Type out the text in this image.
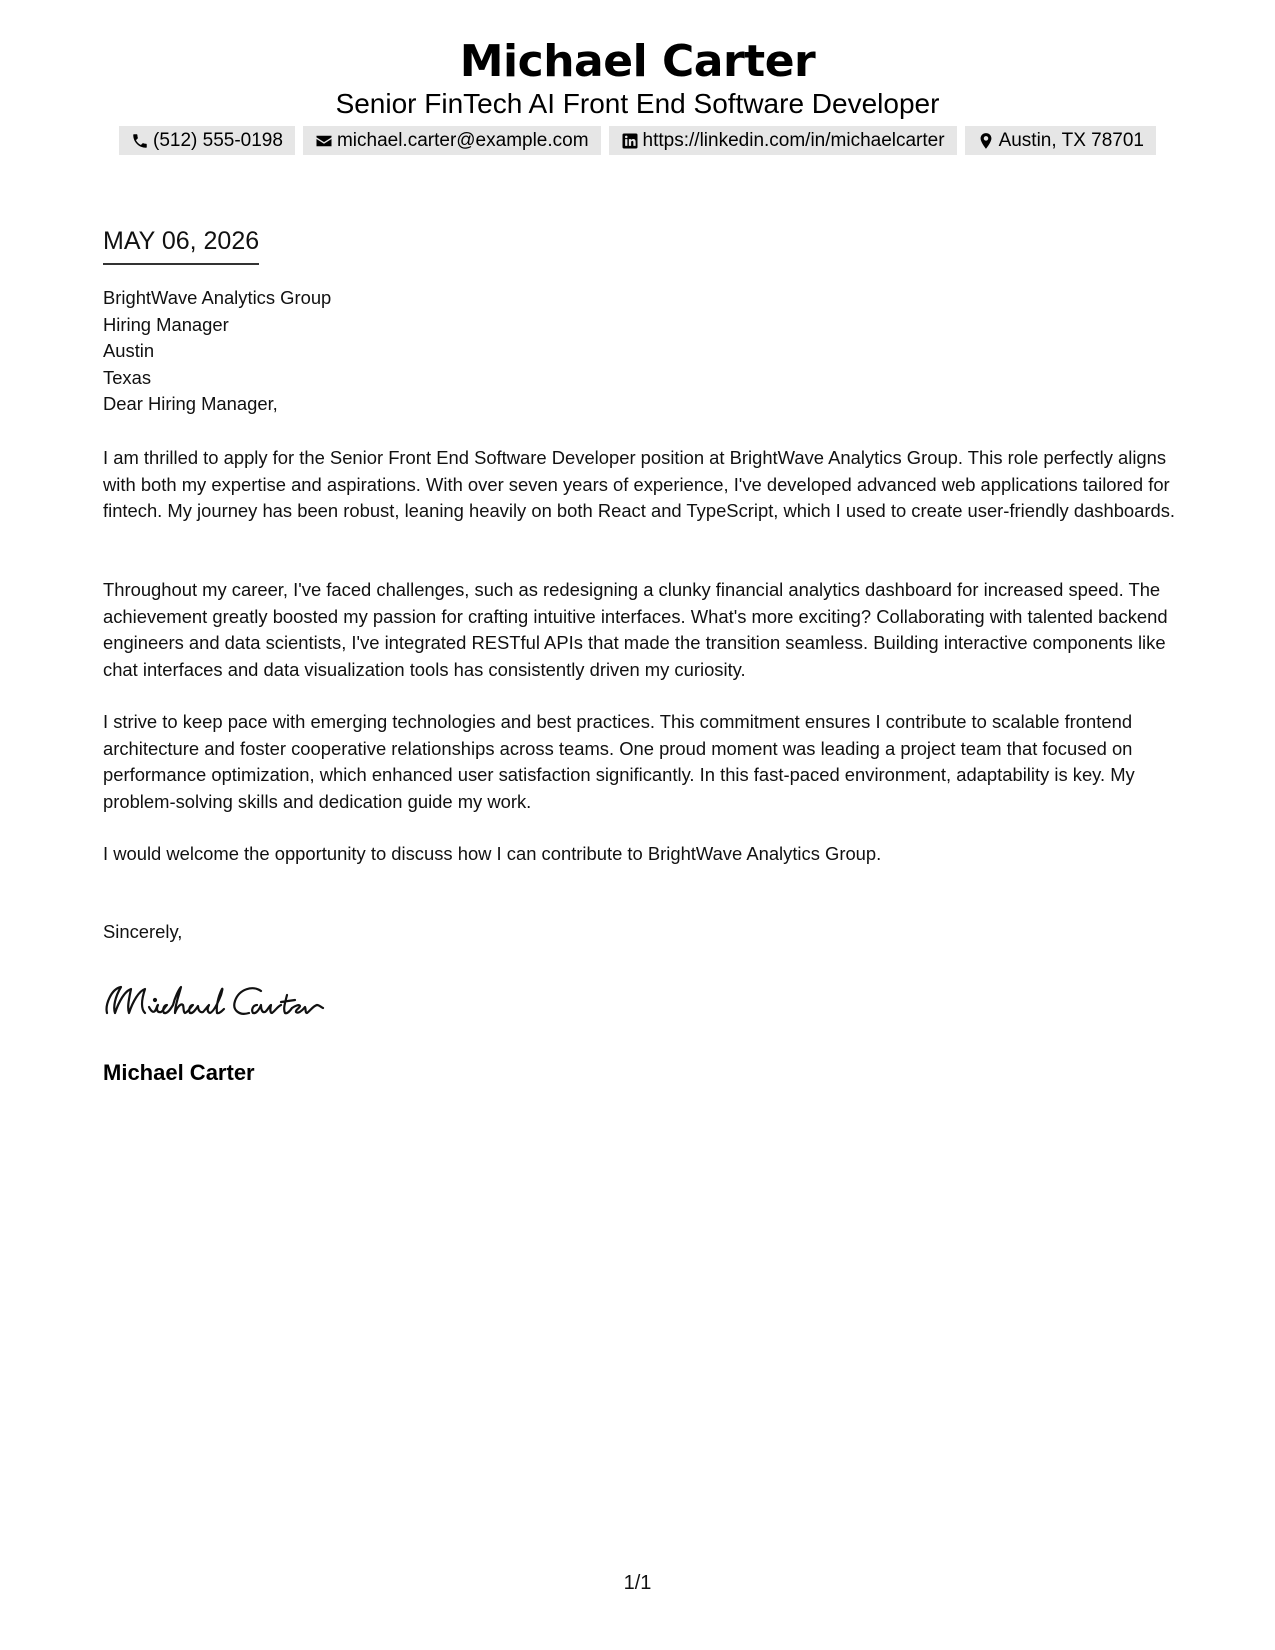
Michael Carter
Senior FinTech AI Front End Software Developer
(512) 555-0198	michael.carter@example.com	https://linkedin.com/in/michaelcarter	Austin, TX 78701
MAY 06, 2026
BrightWave Analytics Group
Hiring Manager
Austin
Texas
Dear Hiring Manager,

I am thrilled to apply for the Senior Front End Software Developer position at BrightWave Analytics Group. This role perfectly aligns with both my expertise and aspirations. With over seven years of experience, I've developed advanced web applications tailored for fintech. My journey has been robust, leaning heavily on both React and TypeScript, which I used to create user-friendly dashboards.

Throughout my career, I've faced challenges, such as redesigning a clunky financial analytics dashboard for increased speed. The achievement greatly boosted my passion for crafting intuitive interfaces. What's more exciting? Collaborating with talented backend engineers and data scientists, I've integrated RESTful APIs that made the transition seamless. Building interactive components like chat interfaces and data visualization tools has consistently driven my curiosity.

I strive to keep pace with emerging technologies and best practices. This commitment ensures I contribute to scalable frontend architecture and foster cooperative relationships across teams. One proud moment was leading a project team that focused on performance optimization, which enhanced user satisfaction significantly. In this fast-paced environment, adaptability is key. My problem-solving skills and dedication guide my work.

I would welcome the opportunity to discuss how I can contribute to BrightWave Analytics Group.

Sincerely,
Michael Carter
1/1
